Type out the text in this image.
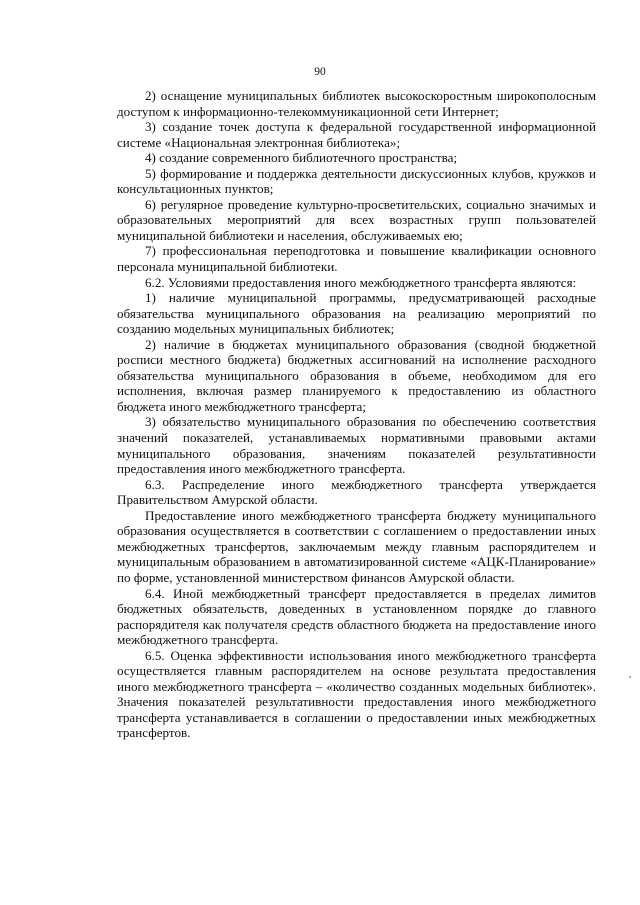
90

2) оснащение муниципальных библиотек высокоскоростным широкополосным доступом к информационно-телекоммуникационной сети Интернет;

3) создание точек доступа к федеральной государственной информационной системе «Национальная электронная библиотека»;

4) создание современного библиотечного пространства;

5) формирование и поддержка деятельности дискуссионных клубов, кружков и консультационных пунктов;

6) регулярное проведение культурно-просветительских, социально значимых и образовательных мероприятий для всех возрастных групп пользователей муниципальной библиотеки и населения, обслуживаемых ею;

7) профессиональная переподготовка и повышение квалификации основного персонала муниципальной библиотеки.

6.2. Условиями предоставления иного межбюджетного трансферта являются:

1) наличие муниципальной программы, предусматривающей расходные обязательства муниципального образования на реализацию мероприятий по созданию модельных муниципальных библиотек;

2) наличие в бюджетах муниципального образования (сводной бюджетной росписи местного бюджета) бюджетных ассигнований на исполнение расходного обязательства муниципального образования в объеме, необходимом для его исполнения, включая размер планируемого к предоставлению из областного бюджета иного межбюджетного трансферта;

3) обязательство муниципального образования по обеспечению соответствия значений показателей, устанавливаемых нормативными правовыми актами муниципального образования, значениям показателей результативности предоставления иного межбюджетного трансферта.

6.3. Распределение иного межбюджетного трансферта утверждается Правительством Амурской области.

Предоставление иного межбюджетного трансферта бюджету муниципального образования осуществляется в соответствии с соглашением о предоставлении иных межбюджетных трансфертов, заключаемым между главным распорядителем и муниципальным образованием в автоматизированной системе «АЦК-Планирование» по форме, установленной министерством финансов Амурской области.

6.4. Иной межбюджетный трансферт предоставляется в пределах лимитов бюджетных обязательств, доведенных в установленном порядке до главного распорядителя как получателя средств областного бюджета на предоставление иного межбюджетного трансферта.

6.5. Оценка эффективности использования иного межбюджетного трансферта осуществляется главным распорядителем на основе результата предоставления иного межбюджетного трансферта – «количество созданных модельных библиотек». Значения показателей результативности предоставления иного межбюджетного трансферта устанавливается в соглашении о предоставлении иных межбюджетных трансфертов.
